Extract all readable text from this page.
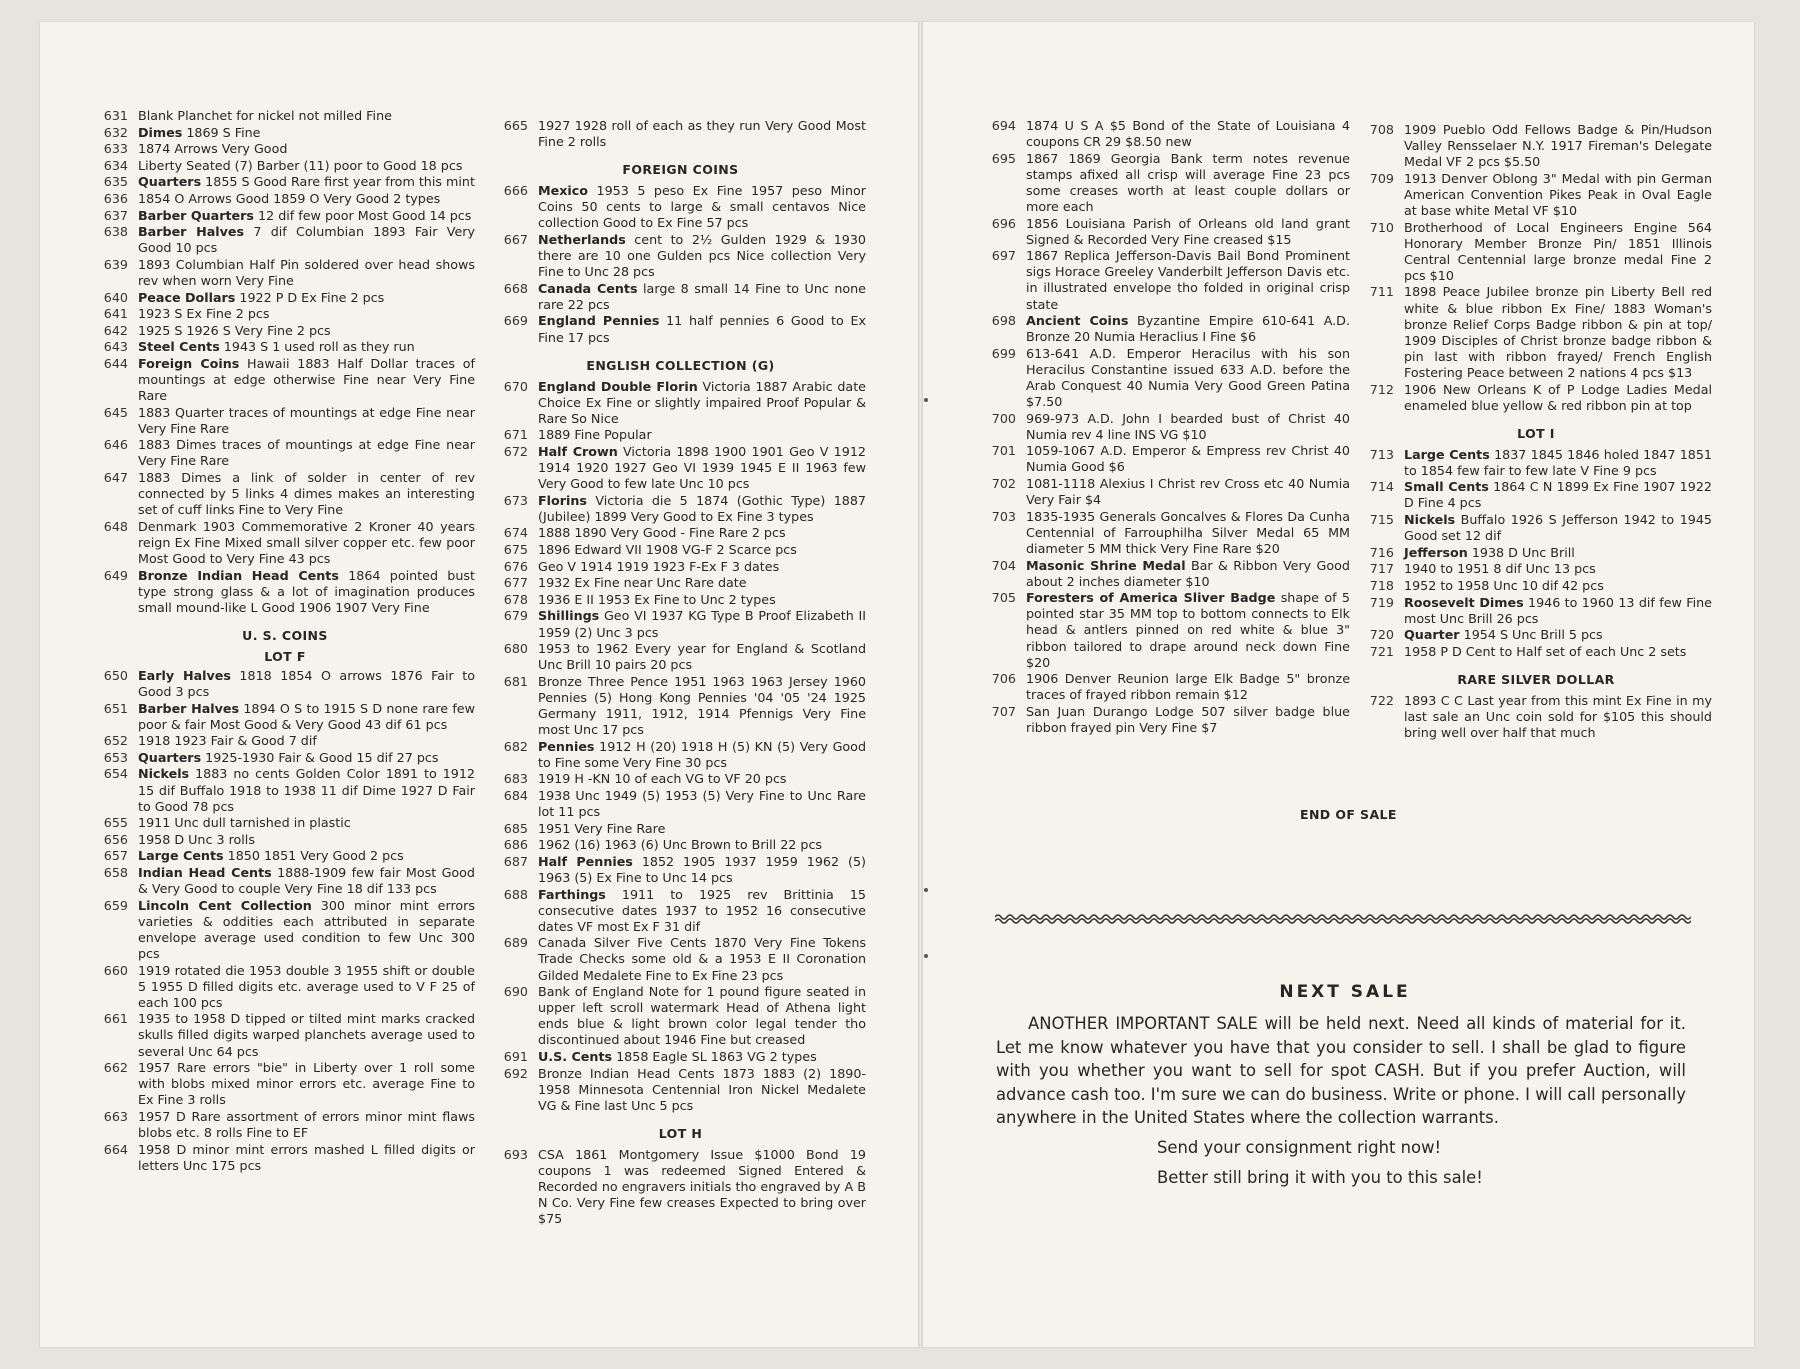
631 Blank Planchet for nickel not milled Fine
632 Dimes 1869 S Fine
633 1874 Arrows Very Good
634 Liberty Seated (7) Barber (11) poor to Good 18 pcs
635 Quarters 1855 S Good Rare first year from this mint
636 1854 O Arrows Good 1859 O Very Good 2 types
637 Barber Quarters 12 dif few poor Most Good 14 pcs
638 Barber Halves 7 dif Columbian 1893 Fair Very Good 10 pcs
639 1893 Columbian Half Pin soldered over head shows rev when worn Very Fine
640 Peace Dollars 1922 P D Ex Fine 2 pcs
641 1923 S Ex Fine 2 pcs
642 1925 S 1926 S Very Fine 2 pcs
643 Steel Cents 1943 S 1 used roll as they run
644 Foreign Coins Hawaii 1883 Half Dollar traces of mountings at edge otherwise Fine near Very Fine Rare
645 1883 Quarter traces of mountings at edge Fine near Very Fine Rare
646 1883 Dimes traces of mountings at edge Fine near Very Fine Rare
647 1883 Dimes a link of solder in center of rev connected by 5 links 4 dimes makes an interesting set of cuff links Fine to Very Fine
648 Denmark 1903 Commemorative 2 Kroner 40 years reign Ex Fine Mixed small silver copper etc. few poor Most Good to Very Fine 43 pcs
649 Bronze Indian Head Cents 1864 pointed bust type strong glass & a lot of imagination produces small mound-like L Good 1906 1907 Very Fine
U. S. COINS
LOT F
650 Early Halves 1818 1854 O arrows 1876 Fair to Good 3 pcs
651 Barber Halves 1894 O S to 1915 S D none rare few poor & fair Most Good & Very Good 43 dif 61 pcs
652 1918 1923 Fair & Good 7 dif
653 Quarters 1925-1930 Fair & Good 15 dif 27 pcs
654 Nickels 1883 no cents Golden Color 1891 to 1912 15 dif Buffalo 1918 to 1938 11 dif Dime 1927 D Fair to Good 78 pcs
655 1911 Unc dull tarnished in plastic
656 1958 D Unc 3 rolls
657 Large Cents 1850 1851 Very Good 2 pcs
658 Indian Head Cents 1888-1909 few fair Most Good & Very Good to couple Very Fine 18 dif 133 pcs
659 Lincoln Cent Collection 300 minor mint errors varieties & oddities each attributed in separate envelope average used condition to few Unc 300 pcs
660 1919 rotated die 1953 double 3 1955 shift or double 5 1955 D filled digits etc. average used to V F 25 of each 100 pcs
661 1935 to 1958 D tipped or tilted mint marks cracked skulls filled digits warped planchets average used to several Unc 64 pcs
662 1957 Rare errors "bie" in Liberty over 1 roll some with blobs mixed minor errors etc. average Fine to Ex Fine 3 rolls
663 1957 D Rare assortment of errors minor mint flaws blobs etc. 8 rolls Fine to EF
664 1958 D minor mint errors mashed L filled digits or letters Unc 175 pcs
665 1927 1928 roll of each as they run Very Good Most Fine 2 rolls
FOREIGN COINS
666 Mexico 1953 5 peso Ex Fine 1957 peso Minor Coins 50 cents to large & small centavos Nice collection Good to Ex Fine 57 pcs
667 Netherlands cent to 2½ Gulden 1929 & 1930 there are 10 one Gulden pcs Nice collection Very Fine to Unc 28 pcs
668 Canada Cents large 8 small 14 Fine to Unc none rare 22 pcs
669 England Pennies 11 half pennies 6 Good to Ex Fine 17 pcs
ENGLISH COLLECTION (G)
670 England Double Florin Victoria 1887 Arabic date Choice Ex Fine or slightly impaired Proof Popular & Rare So Nice
671 1889 Fine Popular
672 Half Crown Victoria 1898 1900 1901 Geo V 1912 1914 1920 1927 Geo VI 1939 1945 E II 1963 few Very Good to few late Unc 10 pcs
673 Florins Victoria die 5 1874 (Gothic Type) 1887 (Jubilee) 1899 Very Good to Ex Fine 3 types
674 1888 1890 Very Good - Fine Rare 2 pcs
675 1896 Edward VII 1908 VG-F 2 Scarce pcs
676 Geo V 1914 1919 1923 F-Ex F 3 dates
677 1932 Ex Fine near Unc Rare date
678 1936 E II 1953 Ex Fine to Unc 2 types
679 Shillings Geo VI 1937 KG Type B Proof Elizabeth II 1959 (2) Unc 3 pcs
680 1953 to 1962 Every year for England & Scotland Unc Brill 10 pairs 20 pcs
681 Bronze Three Pence 1951 1963 1963 Jersey 1960 Pennies (5) Hong Kong Pennies '04 '05 '24 1925 Germany 1911, 1912, 1914 Pfennigs Very Fine most Unc 17 pcs
682 Pennies 1912 H (20) 1918 H (5) KN (5) Very Good to Fine some Very Fine 30 pcs
683 1919 H -KN 10 of each VG to VF 20 pcs
684 1938 Unc 1949 (5) 1953 (5) Very Fine to Unc Rare lot 11 pcs
685 1951 Very Fine Rare
686 1962 (16) 1963 (6) Unc Brown to Brill 22 pcs
687 Half Pennies 1852 1905 1937 1959 1962 (5) 1963 (5) Ex Fine to Unc 14 pcs
688 Farthings 1911 to 1925 rev Brittinia 15 consecutive dates 1937 to 1952 16 consecutive dates VF most Ex F 31 dif
689 Canada Silver Five Cents 1870 Very Fine Tokens Trade Checks some old & a 1953 E II Coronation Gilded Medalete Fine to Ex Fine 23 pcs
690 Bank of England Note for 1 pound figure seated in upper left scroll watermark Head of Athena light ends blue & light brown color legal tender tho discontinued about 1946 Fine but creased
691 U.S. Cents 1858 Eagle SL 1863 VG 2 types
692 Bronze Indian Head Cents 1873 1883 (2) 1890-1958 Minnesota Centennial Iron Nickel Medalete VG & Fine last Unc 5 pcs
LOT H
693 CSA 1861 Montgomery Issue $1000 Bond 19 coupons 1 was redeemed Signed Entered & Recorded no engravers initials tho engraved by A B N Co. Very Fine few creases Expected to bring over $75
694 1874 U S A $5 Bond of the State of Louisiana 4 coupons CR 29 $8.50 new
695 1867 1869 Georgia Bank term notes revenue stamps afixed all crisp will average Fine 23 pcs some creases worth at least couple dollars or more each
696 1856 Louisiana Parish of Orleans old land grant Signed & Recorded Very Fine creased $15
697 1867 Replica Jefferson-Davis Bail Bond Prominent sigs Horace Greeley Vanderbilt Jefferson Davis etc. in illustrated envelope tho folded in original crisp state
698 Ancient Coins Byzantine Empire 610-641 A.D. Bronze 20 Numia Heraclius I Fine $6
699 613-641 A.D. Emperor Heracilus with his son Heracilus Constantine issued 633 A.D. before the Arab Conquest 40 Numia Very Good Green Patina $7.50
700 969-973 A.D. John I bearded bust of Christ 40 Numia rev 4 line INS VG $10
701 1059-1067 A.D. Emperor & Empress rev Christ 40 Numia Good $6
702 1081-1118 Alexius I Christ rev Cross etc 40 Numia Very Fair $4
703 1835-1935 Generals Goncalves & Flores Da Cunha Centennial of Farrouphilha Silver Medal 65 MM diameter 5 MM thick Very Fine Rare $20
704 Masonic Shrine Medal Bar & Ribbon Very Good about 2 inches diameter $10
705 Foresters of America Sliver Badge shape of 5 pointed star 35 MM top to bottom connects to Elk head & antlers pinned on red white & blue 3" ribbon tailored to drape around neck down Fine $20
706 1906 Denver Reunion large Elk Badge 5" bronze traces of frayed ribbon remain $12
707 San Juan Durango Lodge 507 silver badge blue ribbon frayed pin Very Fine $7
708 1909 Pueblo Odd Fellows Badge & Pin/Hudson Valley Rensselaer N.Y. 1917 Fireman's Delegate Medal VF 2 pcs $5.50
709 1913 Denver Oblong 3" Medal with pin German American Convention Pikes Peak in Oval Eagle at base white Metal VF $10
710 Brotherhood of Local Engineers Engine 564 Honorary Member Bronze Pin/ 1851 Illinois Central Centennial large bronze medal Fine 2 pcs $10
711 1898 Peace Jubilee bronze pin Liberty Bell red white & blue ribbon Ex Fine/ 1883 Woman's bronze Relief Corps Badge ribbon & pin at top/ 1909 Disciples of Christ bronze badge ribbon & pin last with ribbon frayed/ French English Fostering Peace between 2 nations 4 pcs $13
712 1906 New Orleans K of P Lodge Ladies Medal enameled blue yellow & red ribbon pin at top
LOT I
713 Large Cents 1837 1845 1846 holed 1847 1851 to 1854 few fair to few late V Fine 9 pcs
714 Small Cents 1864 C N 1899 Ex Fine 1907 1922 D Fine 4 pcs
715 Nickels Buffalo 1926 S Jefferson 1942 to 1945 Good set 12 dif
716 Jefferson 1938 D Unc Brill
717 1940 to 1951 8 dif Unc 13 pcs
718 1952 to 1958 Unc 10 dif 42 pcs
719 Roosevelt Dimes 1946 to 1960 13 dif few Fine most Unc Brill 26 pcs
720 Quarter 1954 S Unc Brill 5 pcs
721 1958 P D Cent to Half set of each Unc 2 sets
RARE SILVER DOLLAR
722 1893 C C Last year from this mint Ex Fine in my last sale an Unc coin sold for $105 this should bring well over half that much
END OF SALE
NEXT SALE

ANOTHER IMPORTANT SALE will be held next. Need all kinds of material for it. Let me know whatever you have that you consider to sell. I shall be glad to figure with you whether you want to sell for spot CASH. But if you prefer Auction, will advance cash too. I'm sure we can do business. Write or phone. I will call personally anywhere in the United States where the collection warrants.

Send your consignment right now!
Better still bring it with you to this sale!
